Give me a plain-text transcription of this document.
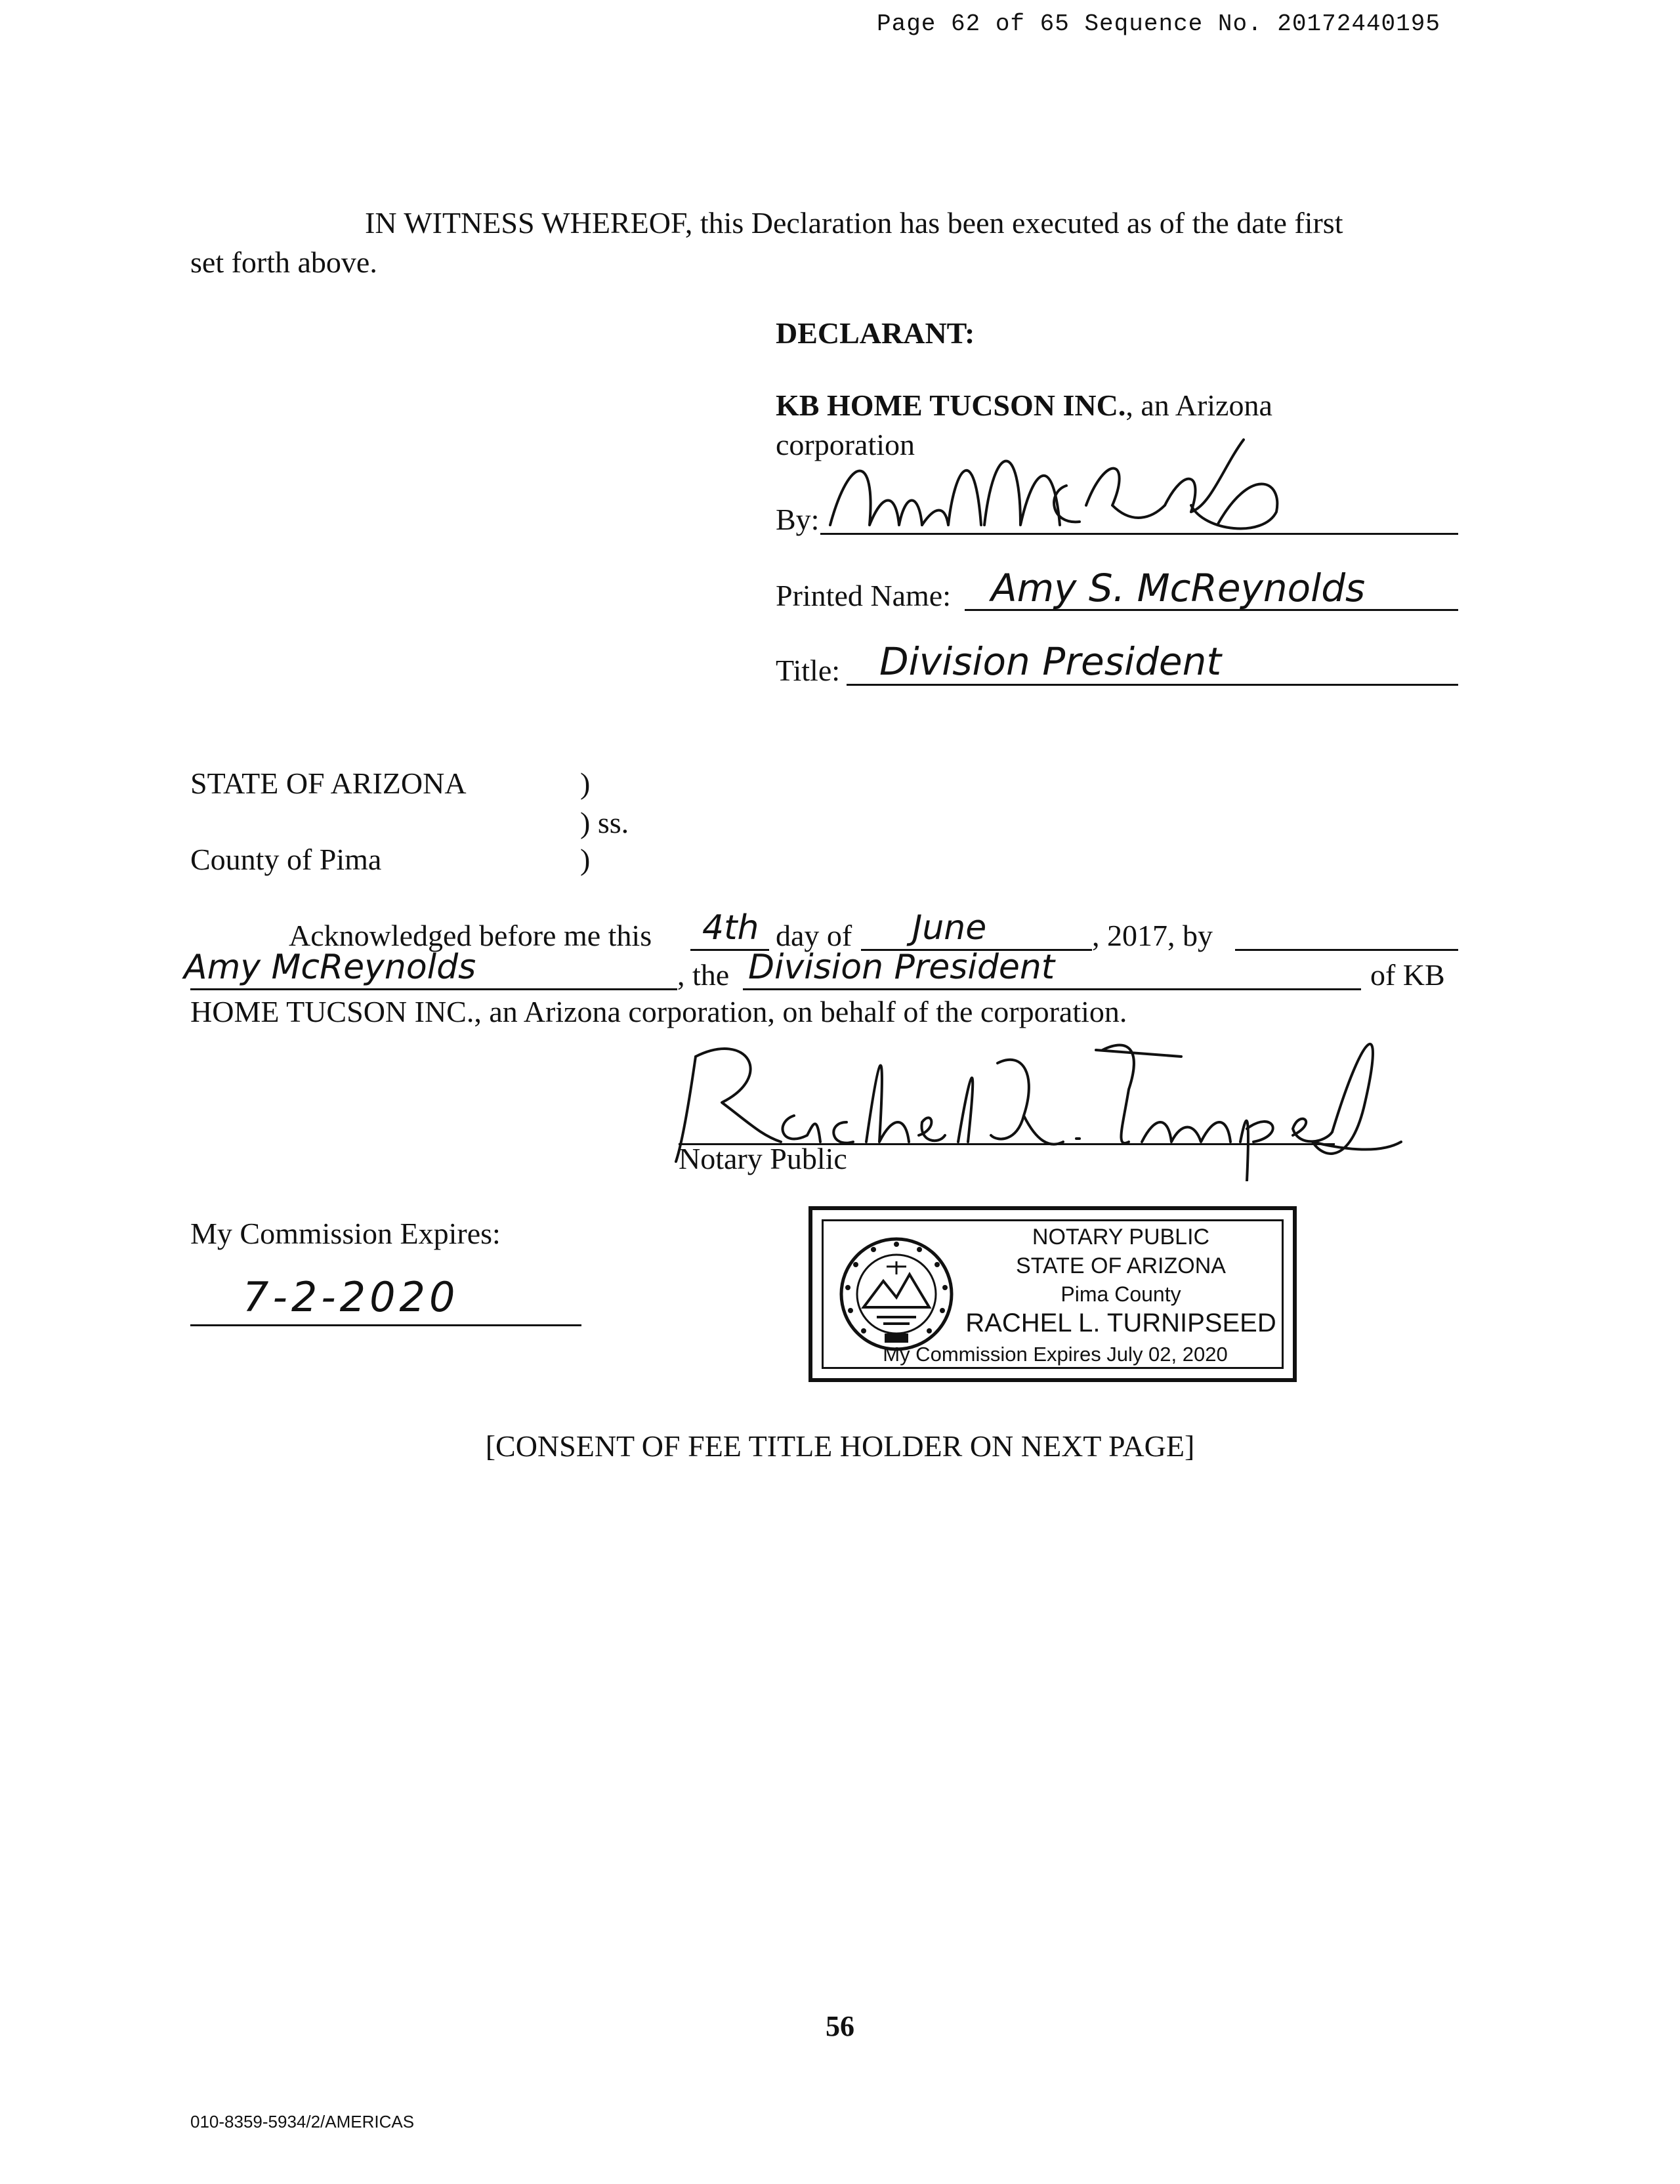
Page 62 of 65 Sequence No. 20172440195
IN WITNESS WHEREOF, this Declaration has been executed as of the date first
set forth above.
DECLARANT:
KB HOME TUCSON INC., an Arizona
corporation
By:
Printed Name: Amy S. McReynolds
Title: Division President
STATE OF ARIZONA	)
) ss.
County of Pima	)
Acknowledged before me this 4th day of June	, 2017, by
Amy McReynolds	, the Division President	of KB
HOME TUCSON INC., an Arizona corporation, on behalf of the corporation.
Notary Public
My Commission Expires:
7-2-2020
NOTARY PUBLIC
STATE OF ARIZONA
Pima County
RACHEL L. TURNIPSEED
My Commission Expires July 02, 2020
[CONSENT OF FEE TITLE HOLDER ON NEXT PAGE]
56
010-8359-5934/2/AMERICAS
